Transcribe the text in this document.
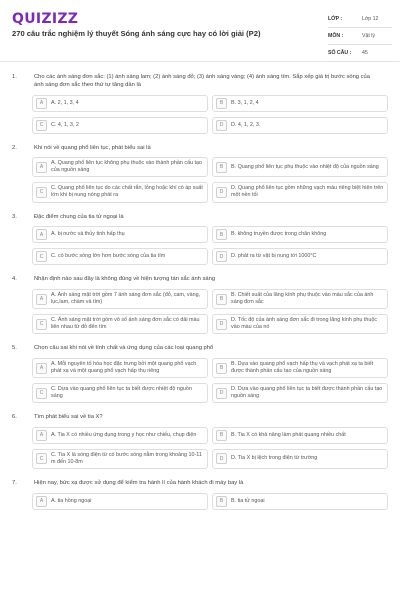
QUIZIZZ
270 câu trắc nghiệm lý thuyết Sóng ánh sáng cực hay có lời giải (P2)
LỚP :	Lớp 12
MÔN :	Vật lý
SỐ CÂU :	45
1.	Cho các ánh sáng đơn sắc: (1) ánh sáng lam; (2) ánh sáng đỏ; (3) ánh sáng vàng; (4) ánh sáng tím. Sắp xếp giá trị bước sóng của ánh sáng đơn sắc theo thứ tự tăng dần là
A	A. 2, 1, 3, 4	B	B. 3, 1, 2, 4
C	C. 4, 1, 3, 2	D	D. 4, 1, 2, 3.
2.	Khi nói về quang phổ liên tục, phát biểu sai là
A
A. Quang phổ liên tục không phụ thuộc vào thành phần cấu tạo của nguồn sáng	B	B. Quang phổ liên tục phụ thuộc vào nhiệt độ của nguồn sáng
C
C. Quang phổ liên tục do các chất rắn, lỏng hoặc khí có áp suất lớn khi bị nung nóng phát ra	D
D. Quang phổ liên tục gồm những vạch màu riêng biệt hiện trên một nền tối
3.	Đặc điểm chung của tia tử ngoại là
A	A. bị nước và thủy tinh hấp thụ	B	B. không truyền được trong chân không
C	C. có bước sóng lớn hơn bước sóng của tia tím	D	D. phát ra từ vật bị nung tới 1000°C
4.	Nhận định nào sau đây là không đúng về hiện tượng tán sắc ánh sáng
A
A. Ánh sáng mặt trời gồm 7 ánh sáng đơn sắc (đỏ, cam, vàng, lục,lam, chàm và tím)	B
B. Chiết suất của lăng kính phụ thuộc vào màu sắc của ánh sáng đơn sắc
C
C. Ánh sáng mặt trời gồm vô số ánh sáng đơn sắc có dải màu liên nhau từ đỏ đến tím	D
D. Tốc độ của ánh sáng đơn sắc đi trong lăng kính phụ thuộc vào màu của nó
5.	Chọn câu sai khi nói về tính chất và ứng dụng của các loại quang phổ
A
A. Mỗi nguyên tố hóa học đặc trưng bởi một quang phổ vạch phát xạ và một quang phổ vạch hấp thụ riêng	B
B. Dựa vào quang phổ vạch hấp thụ và vạch phát xạ ta biết được thành phần cấu tạo của nguồn sáng
C
C. Dựa vào quang phổ liên tục ta biết được nhiệt độ nguồn sáng	D
D. Dựa vào quang phổ liên tục ta biết được thành phần cấu tạo nguồn sáng
6.	Tìm phát biểu sai về tia X?
A	A. Tia X có nhiều ứng dụng trong y học như chiếu, chụp điện	B	B. Tia X có khả năng làm phát quang nhiều chất
C
C. Tia X là sóng điện từ có bước sóng nằm trong khoảng 10-11 m đến 10-8m	D	D. Tia X bị lệch trong điện từ trường
7.	Hiện nay, bức xạ được sử dụng để kiểm tra hành lí của hành khách đi máy bay là
A	A. tia hồng ngoại	B	B. tia tử ngoại
